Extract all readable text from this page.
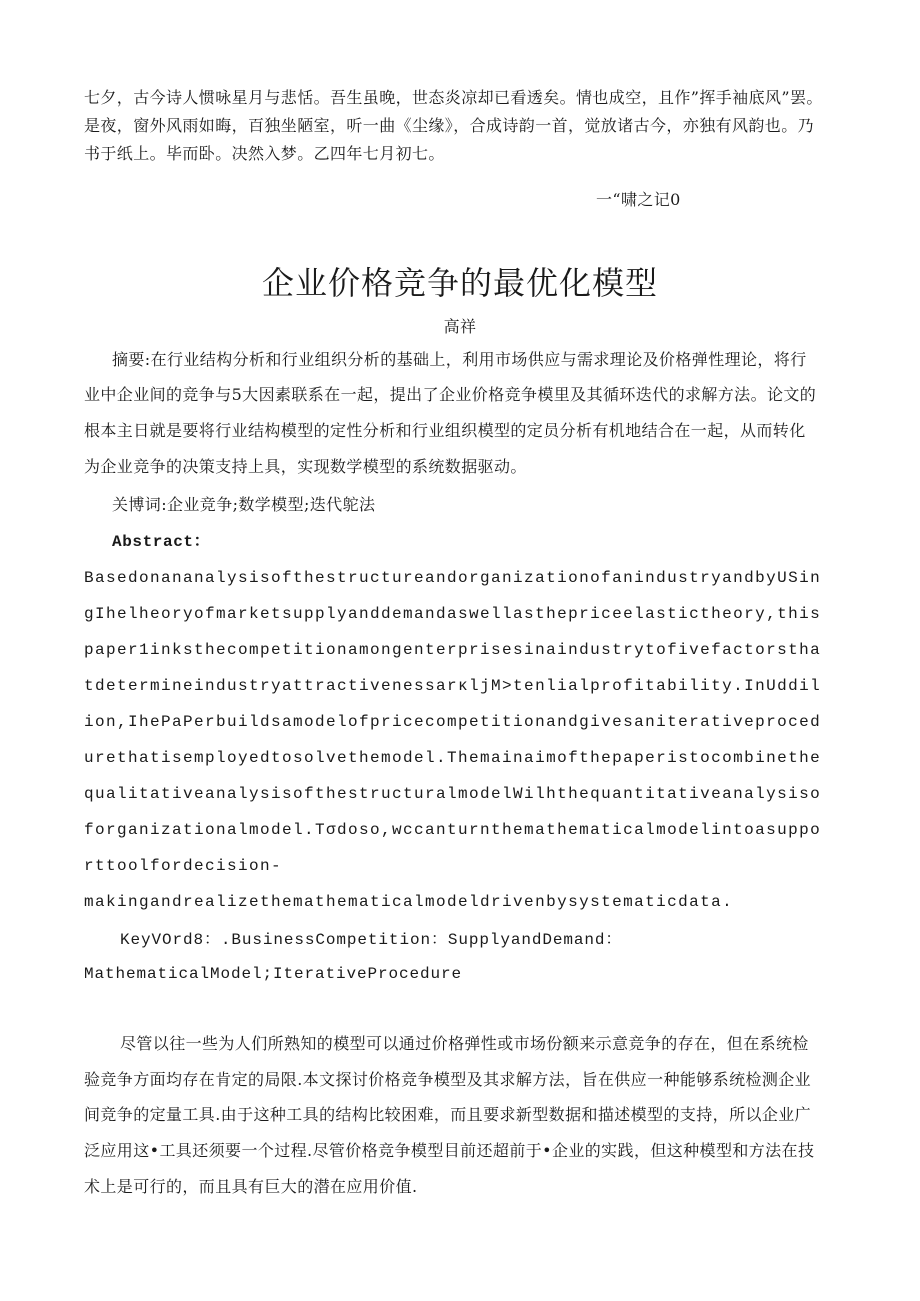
七夕，古今诗人惯咏星月与悲恬。吾生虽晚，世态炎凉却已看透矣。情也成空，且作”挥手袖底风”罢。
是夜，窗外风雨如晦，百独坐陋室，听一曲《尘缘》，合成诗韵一首，觉放诸古今，亦独有风韵也。乃
书于纸上。毕而卧。决然入梦。乙四年七月初七。
一“啸之记0
企业价格竞争的最优化模型
高祥
摘要:在行业结构分析和行业组织分析的基础上，利用市场供应与需求理论及价格弹性理论，将行
业中企业间的竞争与5大因素联系在一起，提出了企业价格竞争模里及其循环迭代的求解方法。论文的
根本主日就是要将行业结构模型的定性分析和行业组织模型的定员分析有机地结合在一起，从而转化
为企业竞争的决策支持上具，实现数学模型的系统数据驱动。
关博词:企业竞争;数学模型;迭代鸵法
Abstract：
BasedonananalysisofthestructureandorganizationofanindustryandbyUSin
gIhelheoryofmarketsupplyanddemandaswellasthepriceelastictheory,this
paper1inksthecompetitionamongenterprisesinaindustrytofivefactorstha
tdetermineindustryattractivenessarκljM>tenlialprofitability.InUddil
ion,IhePaPerbuildsamodelofpricecompetitionandgivesaniterativeproced
urethatisemployedtosolvethemodel.Themainaimofthepaperistocombinethe
qualitativeanalysisofthestructuralmodelWilhthequantitativeanalysiso
forganizationalmodel.Tσdoso,wccanturnthemathematicalmodelintoasuppo
rttoolfordecision-
makingandrealizethemathematicalmodeldrivenbysystematicdata.
KeyVOrd8：.BusinessCompetition：SupplyandDemand：
MathematicalModel;IterativeProcedure
尽管以往一些为人们所熟知的模型可以通过价格弹性或市场份额来示意竞争的存在，但在系统检
验竞争方面均存在肯定的局限.本文探讨价格竞争模型及其求解方法，旨在供应一种能够系统检测企业
间竞争的定量工具.由于这种工具的结构比较困难，而且要求新型数据和描述模型的支持，所以企业广
泛应用这•工具还须要一个过程.尽管价格竞争模型目前还超前于•企业的实践，但这种模型和方法在技
术上是可行的，而且具有巨大的潜在应用价值.
